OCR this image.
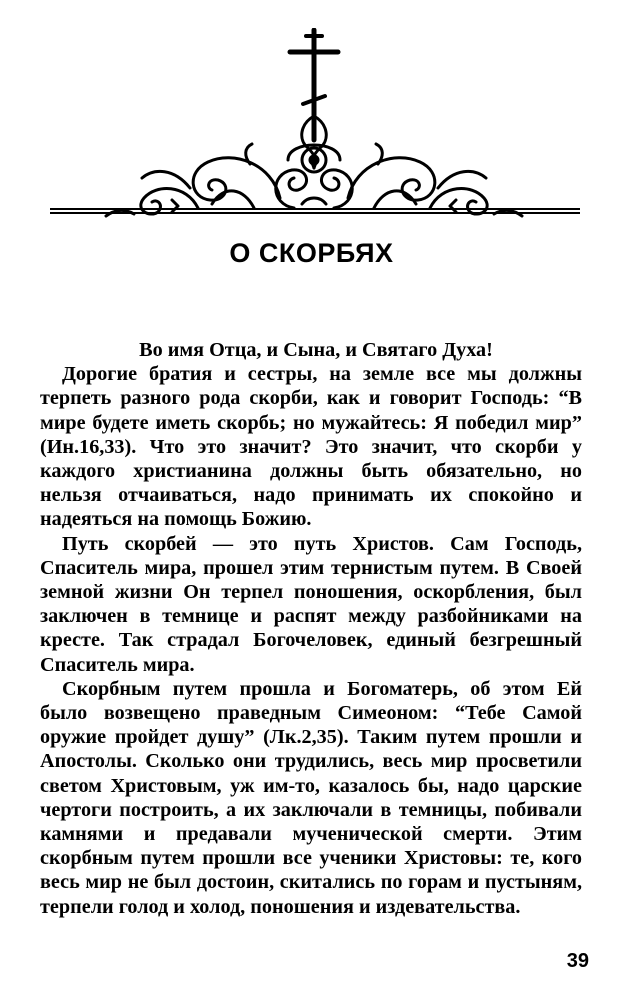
О СКОРБЯХ

Во имя Отца, и Сына, и Святаго Духа!

Дорогие братия и сестры, на земле все мы должны терпеть разного рода скорби, как и говорит Господь: “В мире будете иметь скорбь; но мужайтесь: Я победил мир” (Ин.16,33). Что это значит? Это значит, что скорби у каждого христианина должны быть обязательно, но нельзя отчаиваться, надо принимать их спокойно и надеяться на помощь Божию.

Путь скорбей — это путь Христов. Сам Господь, Спаситель мира, прошел этим тернистым путем. В Своей земной жизни Он терпел поношения, оскорбления, был заключен в темнице и распят между разбойниками на кресте. Так страдал Богочеловек, единый безгрешный Спаситель мира.

Скорбным путем прошла и Богоматерь, об этом Ей было возвещено праведным Симеоном: “Тебе Самой оружие пройдет душу” (Лк.2,35). Таким путем прошли и Апостолы. Сколько они трудились, весь мир просветили светом Христовым, уж им-то, казалось бы, надо царские чертоги построить, а их заключали в темницы, побивали камнями и предавали мученической смерти. Этим скорбным путем прошли все ученики Христовы: те, кого весь мир не был достоин, скитались по горам и пустыням, терпели голод и холод, поношения и издевательства.

39
